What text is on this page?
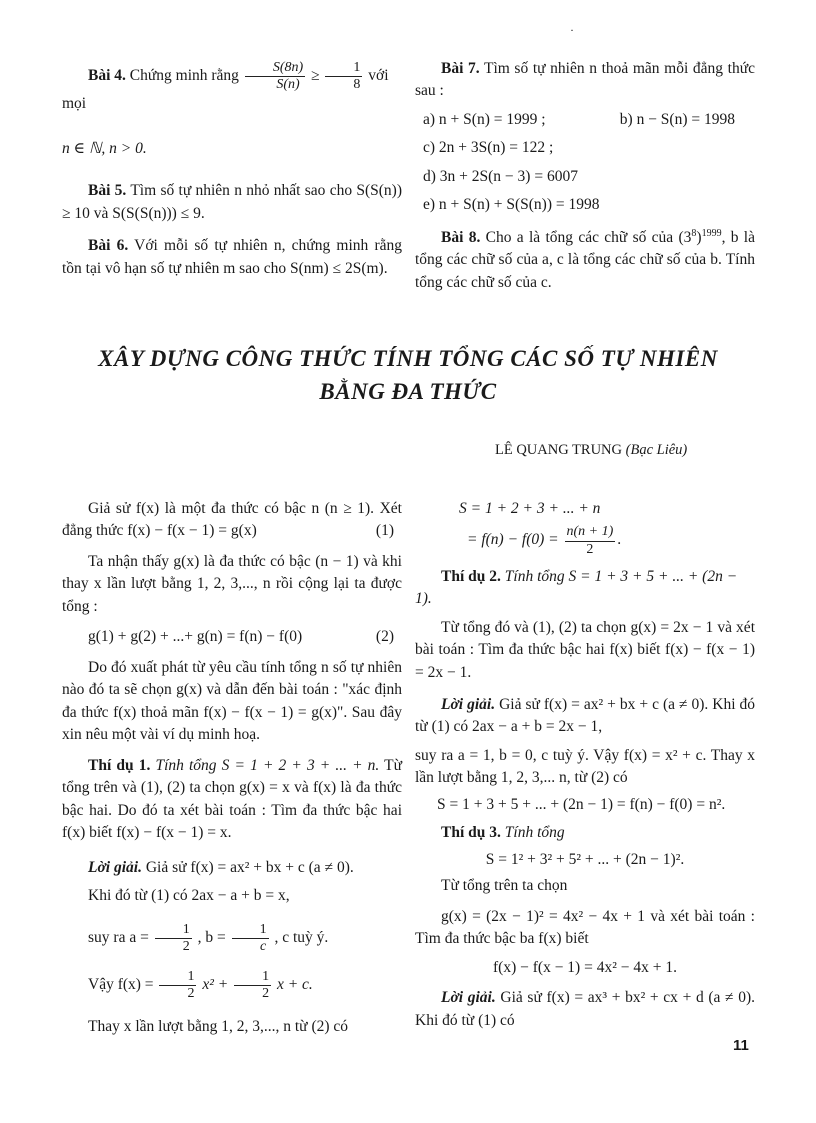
·

Bài 4. Chứng minh rằng $\frac{S(8n)}{S(n)} \ge \frac{1}{8}$ với mọi

n ∈ ℕ, n > 0.

Bài 5. Tìm số tự nhiên n nhỏ nhất sao cho S(S(n)) ≥ 10 và S(S(S(n))) ≤ 9.

Bài 6. Với mỗi số tự nhiên n, chứng minh rằng tồn tại vô hạn số tự nhiên m sao cho S(nm) ≤ 2S(m).

Bài 7. Tìm số tự nhiên n thoả mãn mỗi đẳng thức sau :

a) n + S(n) = 1999 ;	b) n − S(n) = 1998

c) 2n + 3S(n) = 122 ;

d) 3n + 2S(n − 3) = 6007

e) n + S(n) + S(S(n)) = 1998

Bài 8. Cho a là tổng các chữ số của $(3^8)^{1999}$, b là tổng các chữ số của a, c là tổng các chữ số của b. Tính tổng các chữ số của c.

XÂY DỰNG CÔNG THỨC TÍNH TỔNG CÁC SỐ TỰ NHIÊN
BẰNG ĐA THỨC
LÊ QUANG TRUNG (Bạc Liêu)

Giả sử f(x) là một đa thức có bậc n (n ≥ 1). Xét đẳng thức f(x) − f(x − 1) = g(x)	(1)

Ta nhận thấy g(x) là đa thức có bậc (n − 1) và khi thay x lần lượt bằng 1, 2, 3,..., n rồi cộng lại ta được tổng :

g(1) + g(2) + ...+ g(n) = f(n) − f(0)	(2)

Do đó xuất phát từ yêu cầu tính tổng n số tự nhiên nào đó ta sẽ chọn g(x) và dẫn đến bài toán : "xác định đa thức f(x) thoả mãn f(x) − f(x − 1) = g(x)". Sau đây xin nêu một vài ví dụ minh hoạ.

Thí dụ 1. Tính tổng S = 1 + 2 + 3 + ... + n. Từ tổng trên và (1), (2) ta chọn g(x) = x và f(x) là đa thức bậc hai. Do đó ta xét bài toán : Tìm đa thức bậc hai f(x) biết f(x) − f(x − 1) = x.

Lời giải. Giả sử f(x) = ax² + bx + c (a ≠ 0).

Khi đó từ (1) có 2ax − a + b = x,

suy ra $a = \frac{1}{2}$ , $b = \frac{1}{c}$ , c tuỳ ý.

Vậy $f(x) = \frac{1}{2} x^2 + \frac{1}{2}$ x + c.

Thay x lần lượt bằng 1, 2, 3,..., n từ (2) có

S = 1 + 2 + 3 + ... + n

= $f(n) - f(0) = \frac{n(n + 1)}{2}$ .

Thí dụ 2. Tính tổng S = 1 + 3 + 5 + ... + (2n − 1).

Từ tổng đó và (1), (2) ta chọn g(x) = 2x − 1 và xét bài toán : Tìm đa thức bậc hai f(x) biết f(x) − f(x − 1) = 2x − 1.

Lời giải. Giả sử f(x) = ax² + bx + c (a ≠ 0). Khi đó từ (1) có 2ax − a + b = 2x − 1,

suy ra a = 1, b = 0, c tuỳ ý. Vậy f(x) = x² + c. Thay x lần lượt bằng 1, 2, 3,... n, từ (2) có

S = 1 + 3 + 5 + ... + (2n − 1) = f(n) − f(0) = n².

Thí dụ 3. Tính tổng

S = 1² + 3² + 5² + ... + (2n − 1)².

Từ tổng trên ta chọn

g(x) = (2x − 1)² = 4x² − 4x + 1 và xét bài toán : Tìm đa thức bậc ba f(x) biết

f(x) − f(x − 1) = 4x² − 4x + 1.

Lời giải. Giả sử f(x) = ax³ + bx² + cx + d (a ≠ 0). Khi đó từ (1) có

11
